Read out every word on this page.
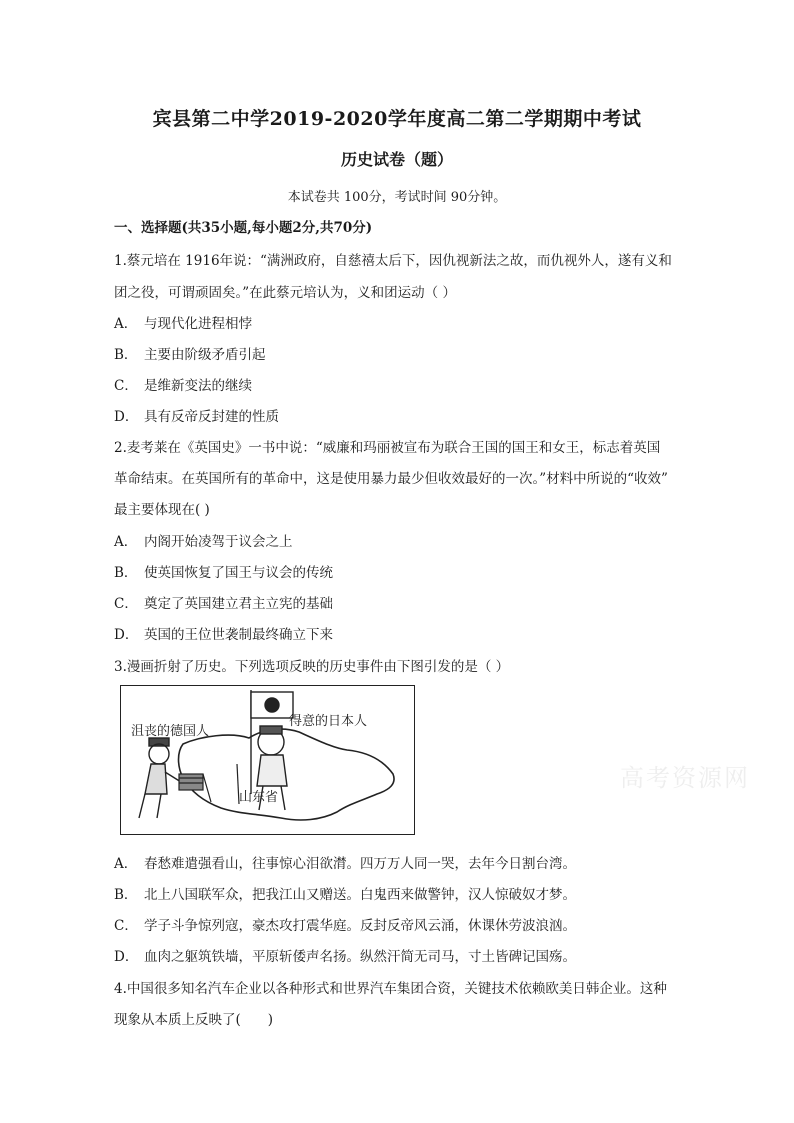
宾县第二中学2019-2020学年度高二第二学期期中考试
历史试卷（题）
本试卷共 100分，考试时间 90分钟。
一、选择题(共35小题,每小题2分,共70分)
1.蔡元培在 1916年说：“满洲政府，自慈禧太后下，因仇视新法之故，而仇视外人，遂有义和
团之役，可谓顽固矣。”在此蔡元培认为，义和团运动（ ）
A． 与现代化进程相悖
B． 主要由阶级矛盾引起
C． 是维新变法的继续
D． 具有反帝反封建的性质
2.麦考莱在《英国史》一书中说：“威廉和玛丽被宣布为联合王国的国王和女王，标志着英国
革命结束。在英国所有的革命中，这是使用暴力最少但收效最好的一次。”材料中所说的“收效”
最主要体现在( )
A． 内阁开始凌驾于议会之上
B． 使英国恢复了国王与议会的传统
C． 奠定了英国建立君主立宪的基础
D． 英国的王位世袭制最终确立下来
3.漫画折射了历史。下列选项反映的历史事件由下图引发的是（ ）
沮丧的德国人
得意的日本人
山东省
高考资源网
A． 春愁难遣强看山，往事惊心泪欲潸。四万万人同一哭，去年今日割台湾。
B． 北上八国联军众，把我江山又赠送。白鬼西来做警钟，汉人惊破奴才梦。
C． 学子斗争惊列寇，豪杰攻打震华庭。反封反帝风云涌，休课休劳波浪汹。
D． 血肉之躯筑铁墙，平原斩倭声名扬。纵然汗简无司马，寸土皆碑记国殇。
4.中国很多知名汽车企业以各种形式和世界汽车集团合资，关键技术依赖欧美日韩企业。这种
现象从本质上反映了(　　)
